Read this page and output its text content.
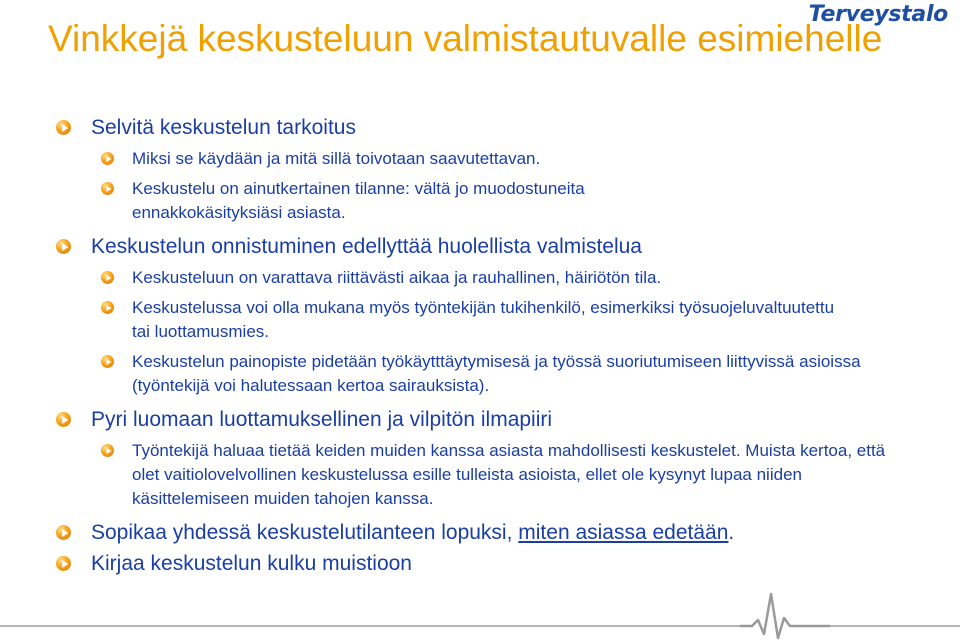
Terveystalo
Vinkkejä keskusteluun valmistautuvalle esimiehelle
Selvitä keskustelun tarkoitus
Miksi se käydään ja mitä sillä toivotaan saavutettavan.
Keskustelu on ainutkertainen tilanne: vältä jo muodostuneita ennakkokäsityksiäsi asiasta.
Keskustelun onnistuminen edellyttää huolellista valmistelua
Keskusteluun on varattava riittävästi aikaa ja rauhallinen, häiriötön tila.
Keskustelussa voi olla mukana myös työntekijän tukihenkilö, esimerkiksi työsuojeluvaltuutettu tai luottamusmies.
Keskustelun painopiste pidetään työkäytttäytymisesä ja työssä suoriutumiseen liittyvissä asioissa (työntekijä voi halutessaan kertoa sairauksista).
Pyri luomaan luottamuksellinen ja vilpitön ilmapiiri
Työntekijä haluaa tietää keiden muiden kanssa asiasta mahdollisesti keskustelet. Muista kertoa, että olet vaitiolovelvollinen keskustelussa esille tulleista asioista, ellet ole kysynyt lupaa niiden käsittelemiseen muiden tahojen kanssa.
Sopikaa yhdessä keskustelutilanteen lopuksi, miten asiassa edetään.
Kirjaa keskustelun kulku muistioon
